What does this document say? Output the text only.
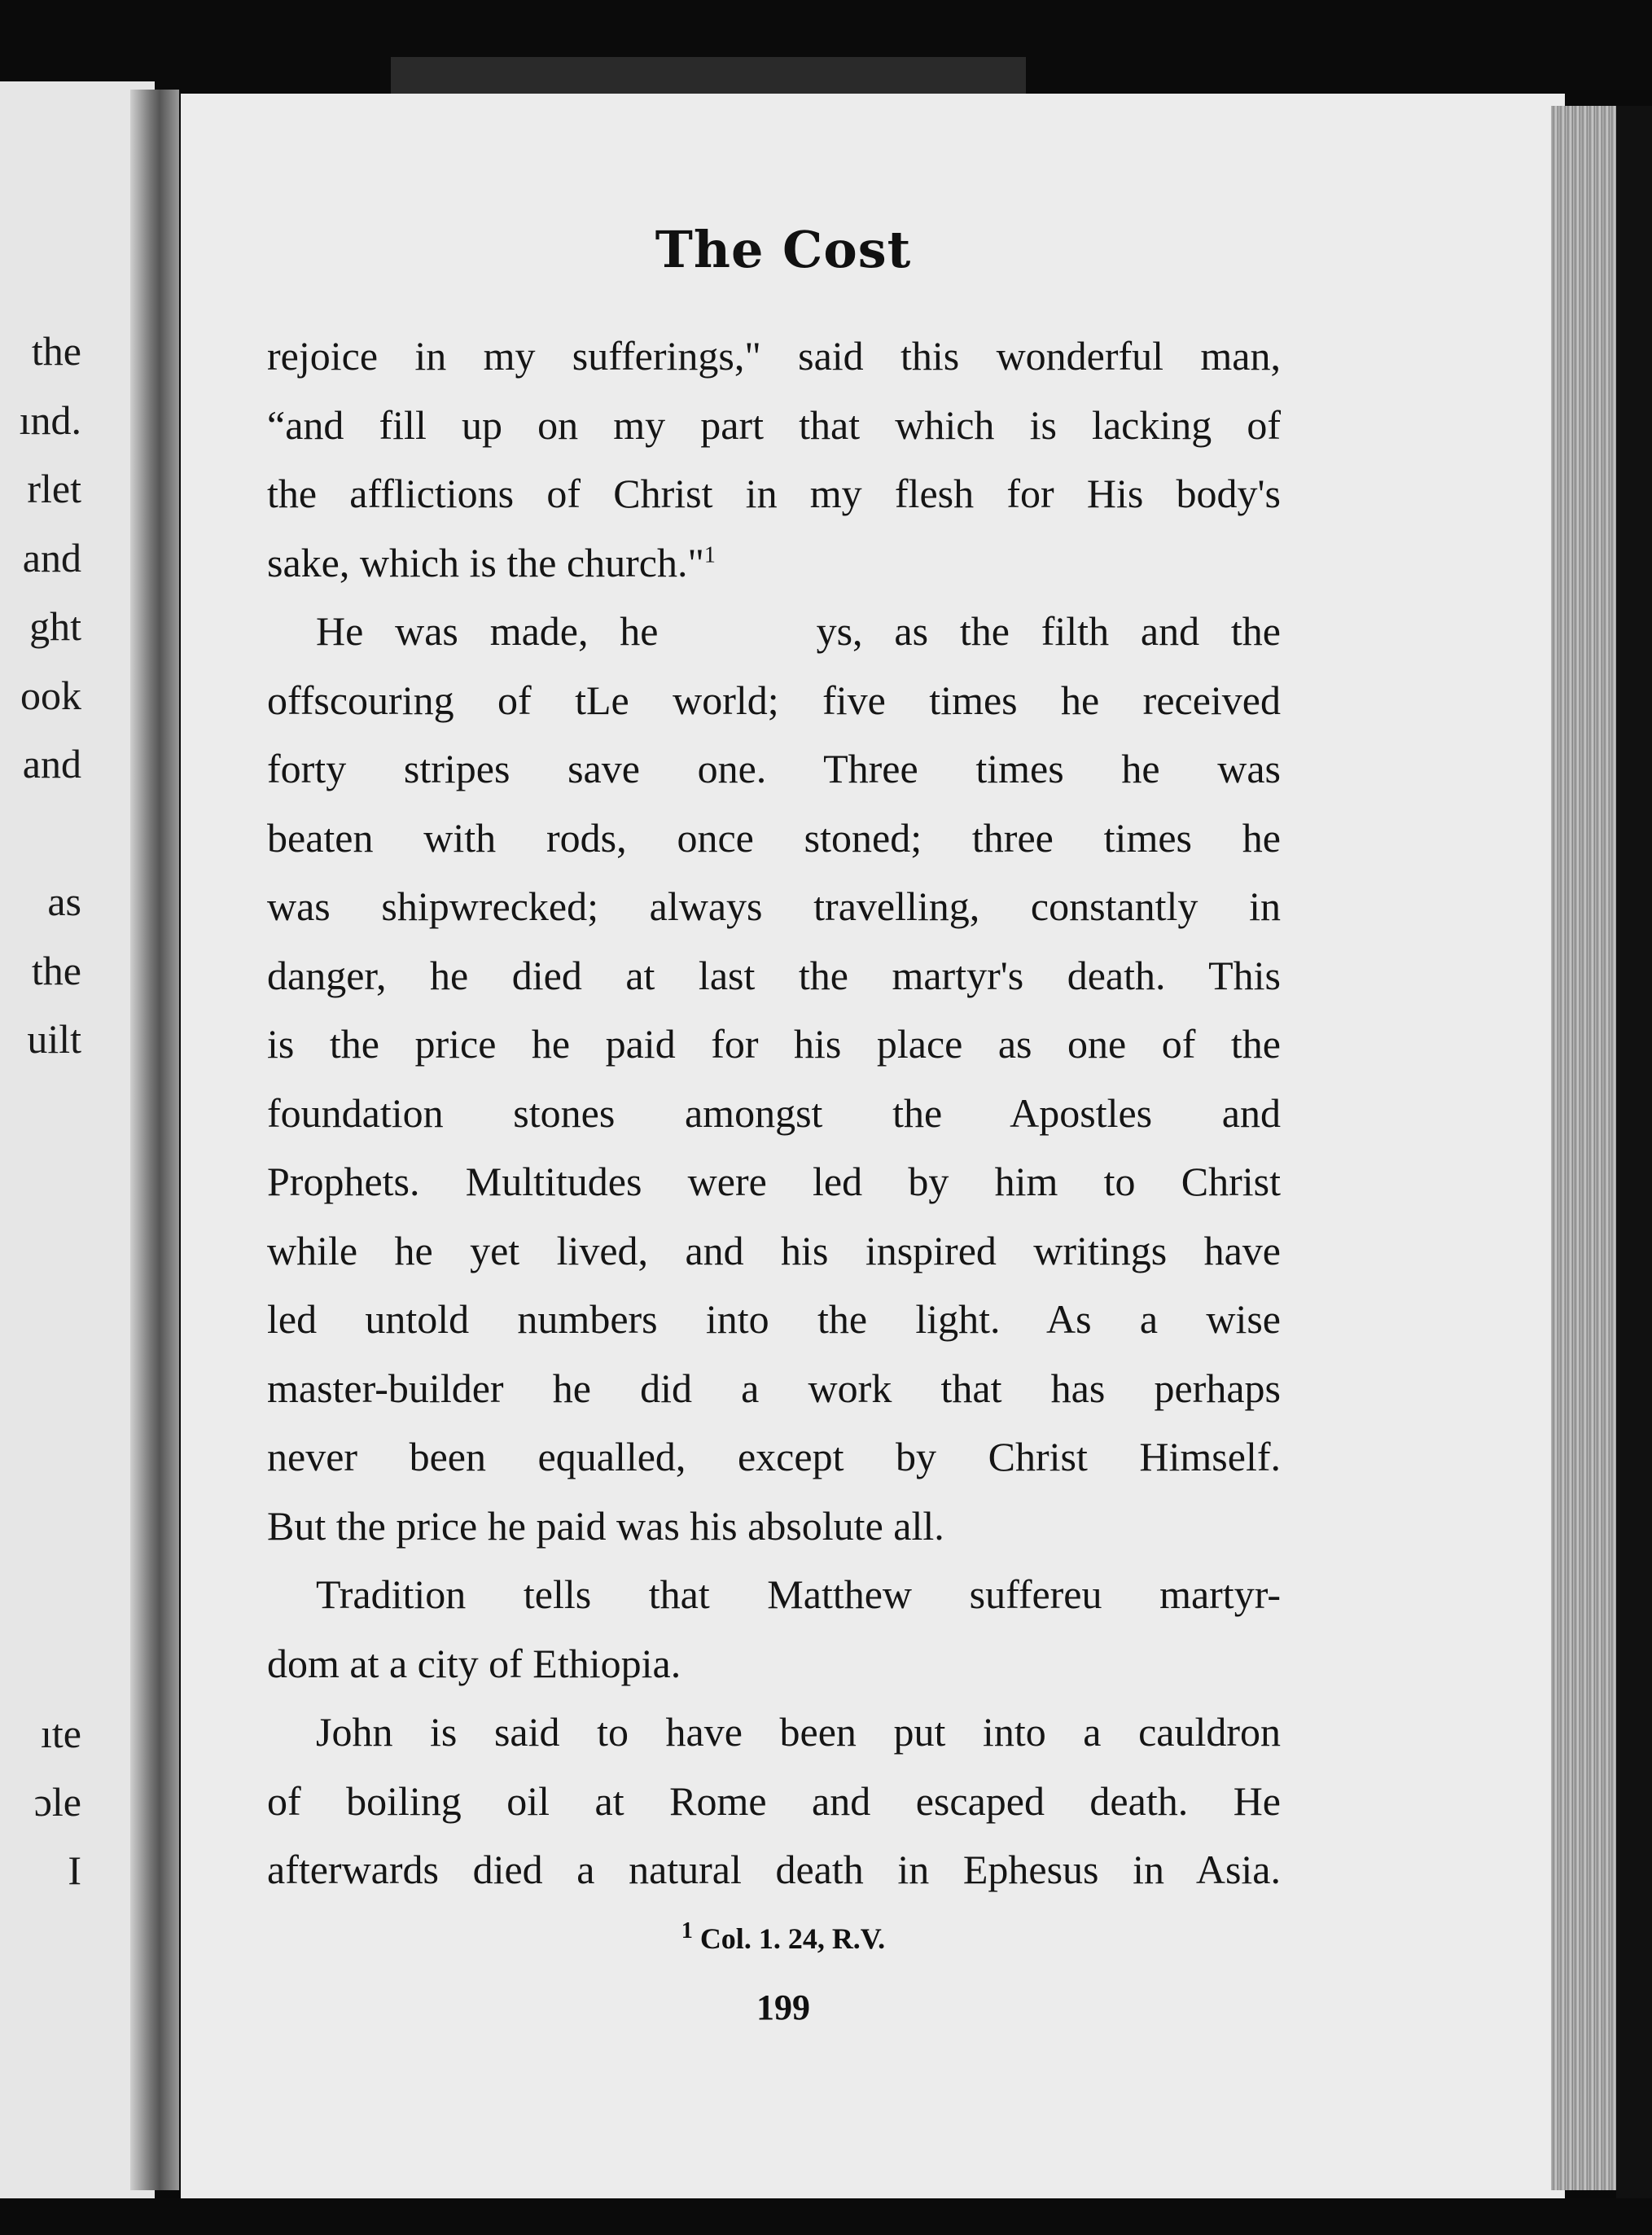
the
ınd.
rlet
and
ght
ook
and
as
the
uilt
ıte
ɔle
I
The Cost
rejoice in my sufferings," said this wonderful man,
“and fill up on my part that which is lacking of
the afflictions of Christ in my flesh for His body's
sake, which is the church."$^1$
He was made, he     ys, as the filth and the
offscouring of tLe world; five times he received
forty stripes save one. Three times he was
beaten with rods, once stoned; three times he
was shipwrecked; always travelling, constantly in
danger, he died at last the martyr's death. This
is the price he paid for his place as one of the
foundation stones amongst the Apostles and
Prophets. Multitudes were led by him to Christ
while he yet lived, and his inspired writings have
led untold numbers into the light. As a wise
master-builder he did a work that has perhaps
never been equalled, except by Christ Himself.
But the price he paid was his absolute all.
Tradition tells that Matthew suffereu martyr-
dom at a city of Ethiopia.
John is said to have been put into a cauldron
of boiling oil at Rome and escaped death. He
afterwards died a natural death in Ephesus in Asia.
$^1$ Col. 1. 24, R.V.
199
